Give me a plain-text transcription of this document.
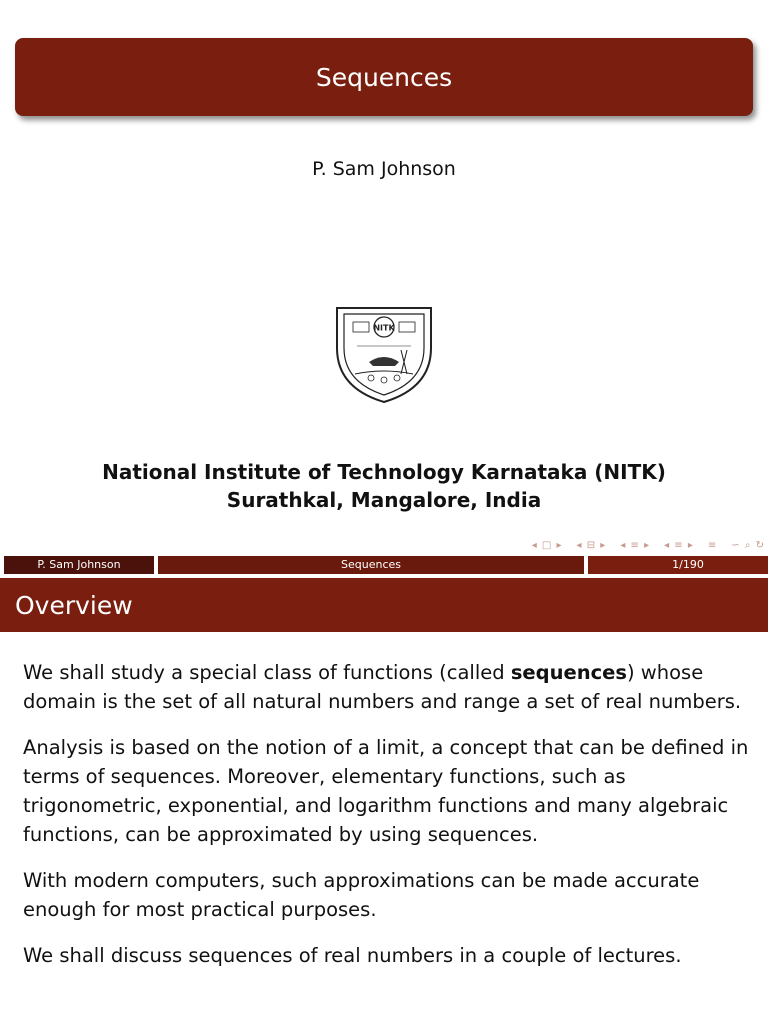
Sequences
P. Sam Johnson
NITK
National Institute of Technology Karnataka (NITK)
Surathkal, Mangalore, India
◂ □ ▸ ◂ ⊟ ▸ ◂ ≡ ▸ ◂ ≡ ▸ ≡ ∽ ⌕ ↻
P. Sam Johnson	Sequences	1/190
Overview

We shall study a special class of functions (called sequences) whose domain is the set of all natural numbers and range a set of real numbers.

Analysis is based on the notion of a limit, a concept that can be defined in terms of sequences. Moreover, elementary functions, such as trigonometric, exponential, and logarithm functions and many algebraic functions, can be approximated by using sequences.

With modern computers, such approximations can be made accurate enough for most practical purposes.

We shall discuss sequences of real numbers in a couple of lectures.
